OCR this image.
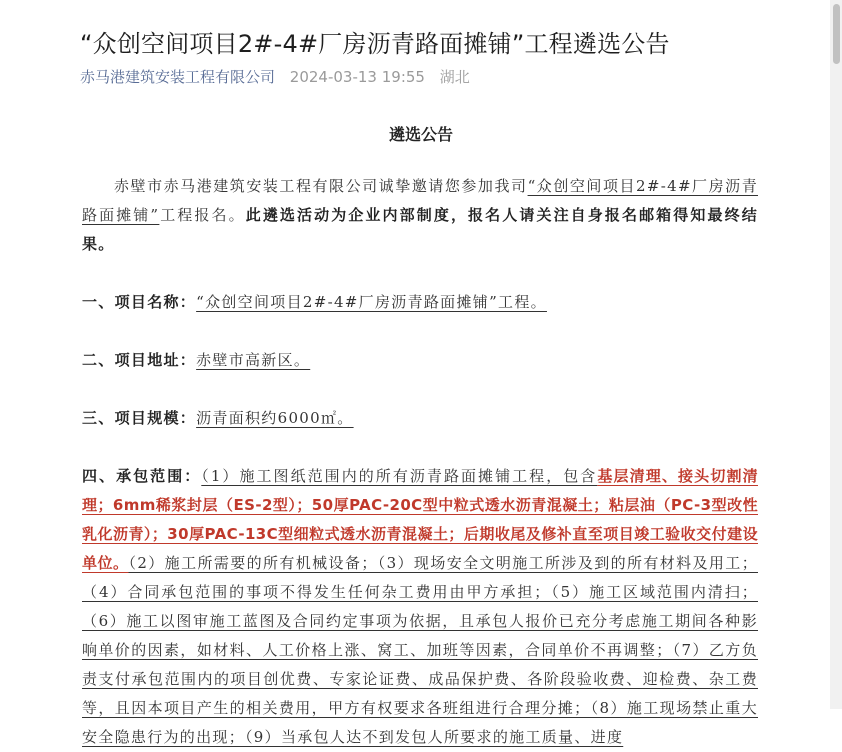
“众创空间项目2#-4#厂房沥青路面摊铺”工程遴选公告
赤马港建筑安装工程有限公司 2024-03-13 19:55 湖北
遴选公告

赤壁市赤马港建筑安装工程有限公司诚挚邀请您参加我司“众创空间项目2#-4#厂房沥青路面摊铺”工程报名。此遴选活动为企业内部制度，报名人请关注自身报名邮箱得知最终结果。

一、项目名称：“众创空间项目2#-4#厂房沥青路面摊铺”工程。

二、项目地址：赤壁市高新区。

三、项目规模：沥青面积约6000㎡。

四、承包范围：（1）施工图纸范围内的所有沥青路面摊铺工程，包含基层清理、接头切割清理；6mm稀浆封层（ES-2型）；50厚PAC-20C型中粒式透水沥青混凝土；粘层油（PC-3型改性乳化沥青）；30厚PAC-13C型细粒式透水沥青混凝土；后期收尾及修补直至项目竣工验收交付建设单位。（2）施工所需要的所有机械设备；（3）现场安全文明施工所涉及到的所有材料及用工；（4）合同承包范围的事项不得发生任何杂工费用由甲方承担；（5）施工区域范围内清扫；（6）施工以图审施工蓝图及合同约定事项为依据，且承包人报价已充分考虑施工期间各种影响单价的因素，如材料、人工价格上涨、窝工、加班等因素，合同单价不再调整；（7）乙方负责支付承包范围内的项目创优费、专家论证费、成品保护费、各阶段验收费、迎检费、杂工费等，且因本项目产生的相关费用，甲方有权要求各班组进行合理分摊；（8）施工现场禁止重大安全隐患行为的出现；（9）当承包人达不到发包人所要求的施工质量、进度
